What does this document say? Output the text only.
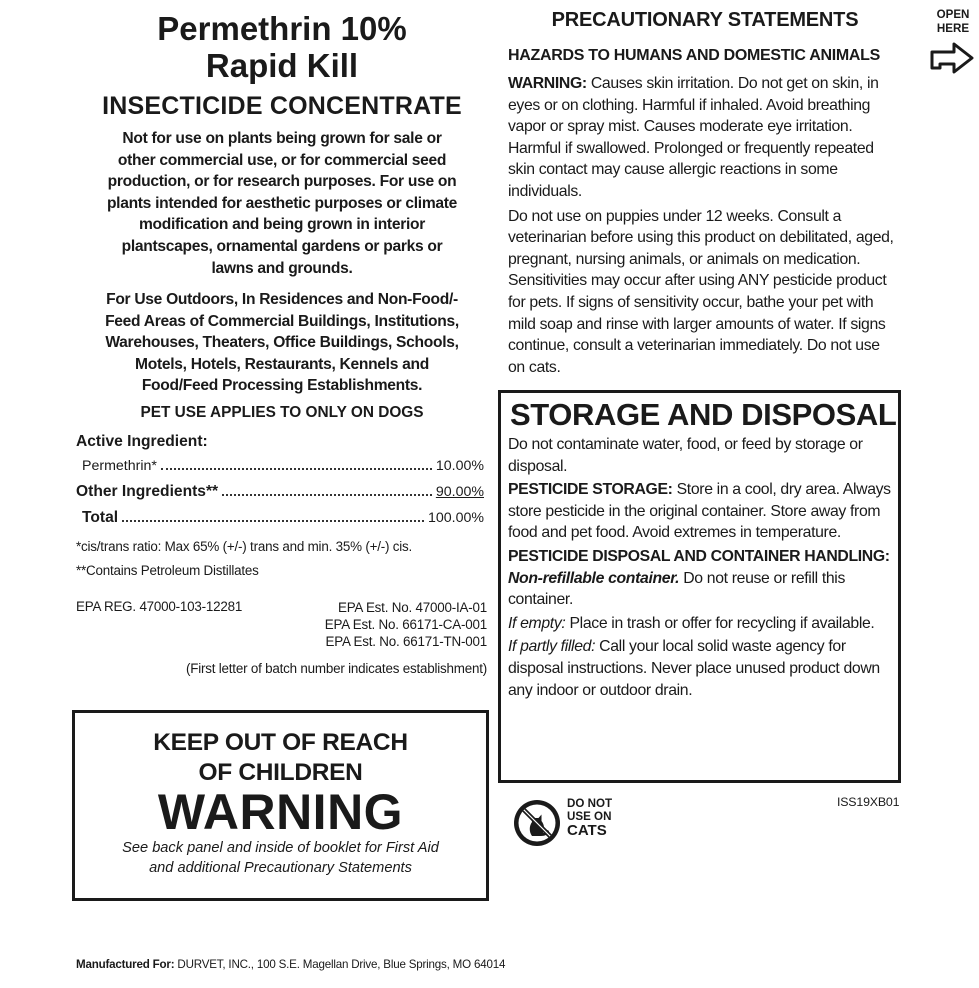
Permethrin 10%
Rapid Kill
INSECTICIDE CONCENTRATE

Not for use on plants being grown for sale or

other commercial use, or for commercial seed

production, or for research purposes. For use on

plants intended for aesthetic purposes or climate

modification and being grown in interior

plantscapes, ornamental gardens or parks or

lawns and grounds.

For Use Outdoors, In Residences and Non-Food/-
Feed Areas of Commercial Buildings, Institutions,
Warehouses, Theaters, Office Buildings, Schools,
Motels, Hotels, Restaurants, Kennels and
Food/Feed Processing Establishments.
PET USE APPLIES TO ONLY ON DOGS
Active Ingredient:
Permethrin*	10.00%
Other Ingredients**	90.00%
Total	100.00%
*cis/trans ratio: Max 65% (+/-) trans and min. 35% (+/-) cis.
**Contains Petroleum Distillates
EPA REG. 47000-103-12281	EPA Est. No. 47000-IA-01
EPA Est. No. 66171-CA-001
EPA Est. No. 66171-TN-001
(First letter of batch number indicates establishment)
KEEP OUT OF REACH
OF CHILDREN
WARNING
See back panel and inside of booklet for First Aid
and additional Precautionary Statements
Manufactured For: DURVET, INC., 100 S.E. Magellan Drive, Blue Springs, MO 64014
PRECAUTIONARY STATEMENTS	OPEN
HERE
HAZARDS TO HUMANS AND DOMESTIC ANIMALS

WARNING: Causes skin irritation. Do not get on skin, in eyes or on clothing. Harmful if inhaled. Avoid breathing vapor or spray mist. Causes moderate eye irritation. Harmful if swallowed. Prolonged or frequently repeated skin contact may cause allergic reactions in some individuals.

Do not use on puppies under 12 weeks. Consult a veterinarian before using this product on debilitated, aged, pregnant, nursing animals, or animals on medication. Sensitivities may occur after using ANY pesticide product for pets. If signs of sensitivity occur, bathe your pet with mild soap and rinse with larger amounts of water. If signs continue, consult a veterinarian immediately. Do not use on cats.

STORAGE AND DISPOSAL

Do not contaminate water, food, or feed by storage or disposal.

PESTICIDE STORAGE: Store in a cool, dry area. Always store pesticide in the original container. Store away from food and pet food. Avoid extremes in temperature.

PESTICIDE DISPOSAL AND CONTAINER HANDLING:

Non-refillable container. Do not reuse or refill this container.

If empty: Place in trash or offer for recycling if available.

If partly filled: Call your local solid waste agency for disposal instructions. Never place unused product down any indoor or outdoor drain.

DO NOT
USE ON
CATS
ISS19XB01
